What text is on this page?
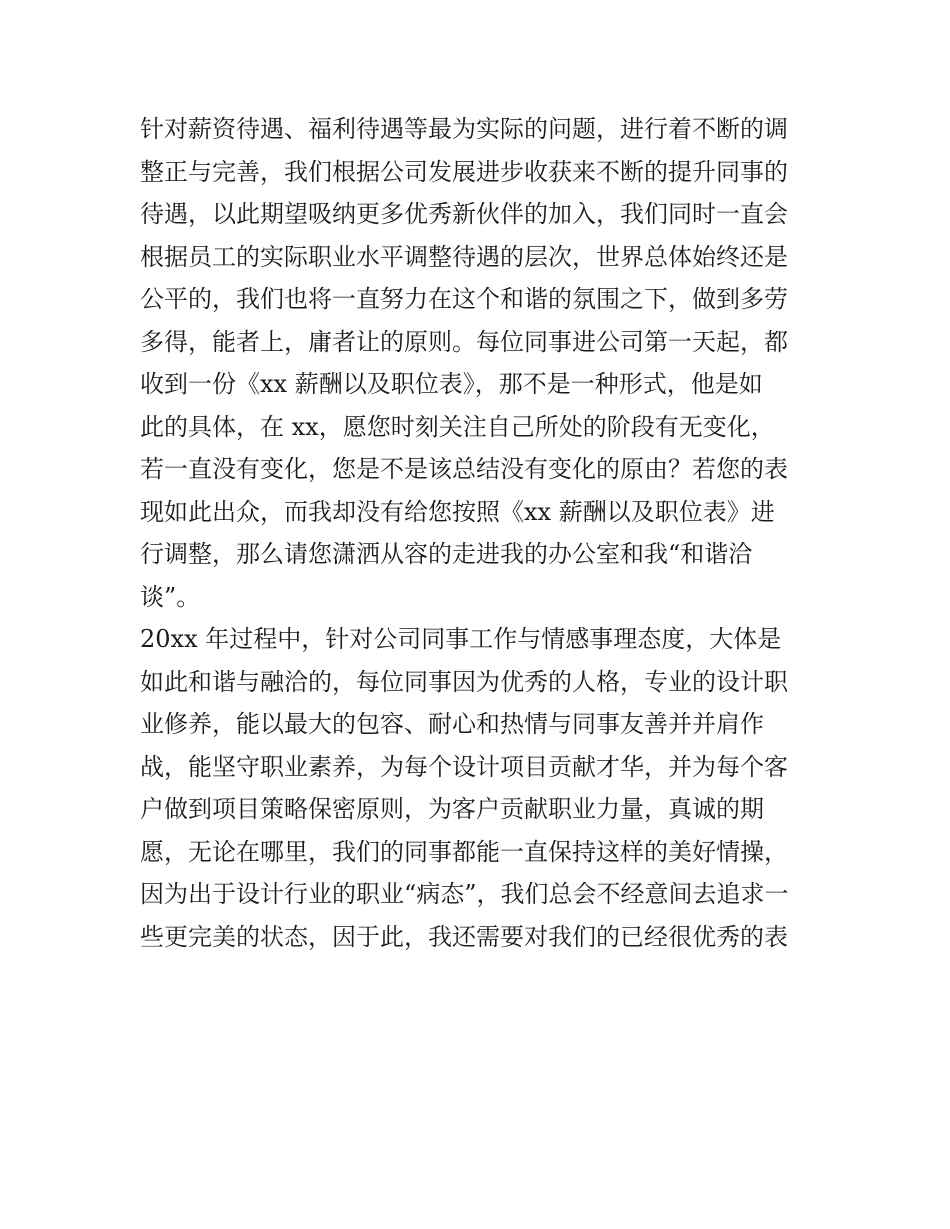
针对薪资待遇、福利待遇等最为实际的问题，进行着不断的调
整正与完善，我们根据公司发展进步收获来不断的提升同事的
待遇，以此期望吸纳更多优秀新伙伴的加入，我们同时一直会
根据员工的实际职业水平调整待遇的层次，世界总体始终还是
公平的，我们也将一直努力在这个和谐的氛围之下，做到多劳
多得，能者上，庸者让的原则。每位同事进公司第一天起，都
收到一份《xx 薪酬以及职位表》，那不是一种形式，他是如
此的具体，在 xx，愿您时刻关注自己所处的阶段有无变化，
若一直没有变化，您是不是该总结没有变化的原由？若您的表
现如此出众，而我却没有给您按照《xx 薪酬以及职位表》进
行调整，那么请您潇洒从容的走进我的办公室和我“和谐洽
谈”。
20xx 年过程中，针对公司同事工作与情感事理态度，大体是
如此和谐与融洽的，每位同事因为优秀的人格，专业的设计职
业修养，能以最大的包容、耐心和热情与同事友善并并肩作
战，能坚守职业素养，为每个设计项目贡献才华，并为每个客
户做到项目策略保密原则，为客户贡献职业力量，真诚的期
愿，无论在哪里，我们的同事都能一直保持这样的美好情操，
因为出于设计行业的职业“病态”，我们总会不经意间去追求一
些更完美的状态，因于此，我还需要对我们的已经很优秀的表
